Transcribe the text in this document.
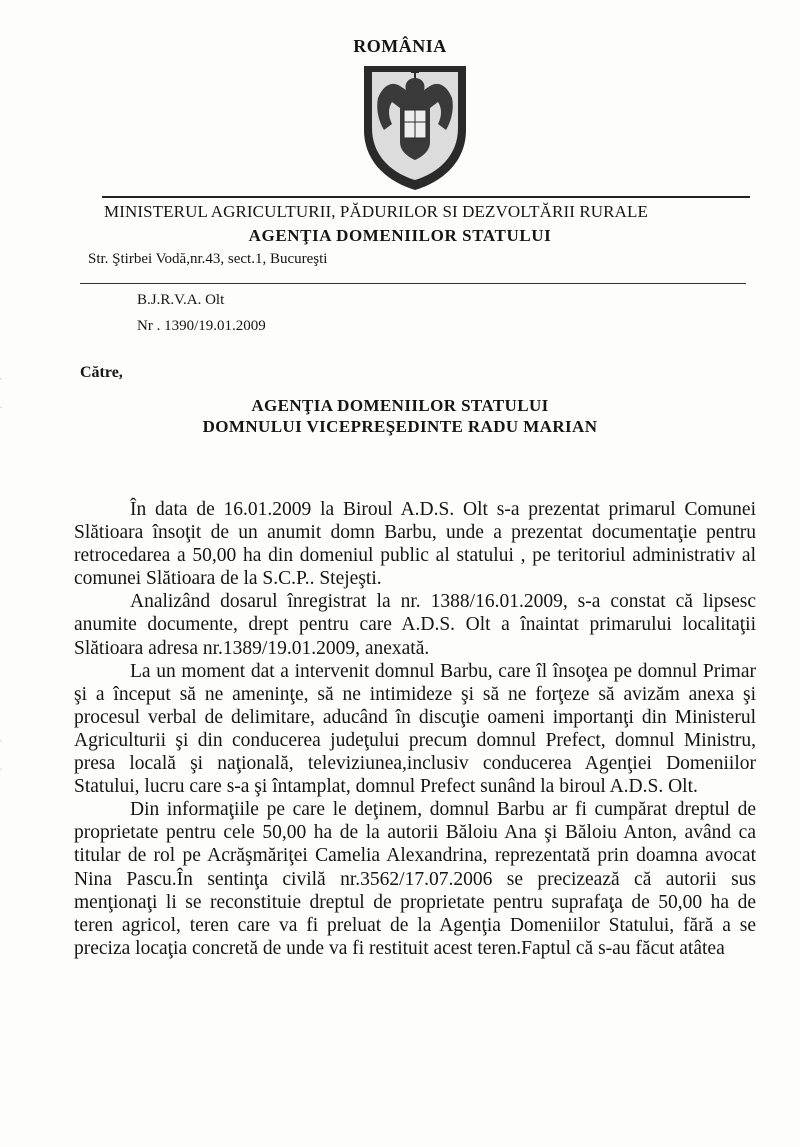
ROMÂNIA
MINISTERUL AGRICULTURII, PĂDURILOR SI DEZVOLTĂRII RURALE
AGENŢIA DOMENIILOR STATULUI
Str. Ştirbei Vodă,nr.43, sect.1, Bucureşti
B.J.R.V.A. Olt
Nr . 1390/19.01.2009
Către,
AGENŢIA DOMENIILOR STATULUI
DOMNULUI VICEPREŞEDINTE RADU MARIAN

În data de 16.01.2009 la Biroul A.D.S. Olt s-a prezentat primarul Comunei Slătioara însoţit de un anumit domn Barbu, unde a prezentat documentaţie pentru retrocedarea a 50,00 ha din domeniul public al statului , pe teritoriul administrativ al comunei Slătioara de la S.C.P.. Stejeşti.

Analizând dosarul înregistrat la nr. 1388/16.01.2009, s-a constat că lipsesc anumite documente, drept pentru care A.D.S. Olt a înaintat primarului localitaţii Slătioara adresa nr.1389/19.01.2009, anexată.

La un moment dat a intervenit domnul Barbu, care îl însoţea pe domnul Primar şi a început să ne ameninţe, să ne intimideze şi să ne forţeze să avizăm anexa şi procesul verbal de delimitare, aducând în discuţie oameni importanţi din Ministerul Agriculturii şi din conducerea judeţului precum domnul Prefect, domnul Ministru, presa locală şi naţională, televiziunea,inclusiv conducerea Agenţiei Domeniilor Statului, lucru care s-a şi întamplat, domnul Prefect sunând la biroul A.D.S. Olt.

Din informaţiile pe care le deţinem, domnul Barbu ar fi cumpărat dreptul de proprietate pentru cele 50,00 ha de la autorii Băloiu Ana şi Băloiu Anton, având ca titular de rol pe Acrăşmăriţei Camelia Alexandrina, reprezentată prin doamna avocat Nina Pascu.În sentinţa civilă nr.3562/17.07.2006 se precizează că autorii sus menţionaţi li se reconstituie dreptul de proprietate pentru suprafaţa de 50,00 ha de teren agricol, teren care va fi preluat de la Agenţia Domeniilor Statului, fără a se preciza locaţia concretă de unde va fi restituit acest teren.Faptul că s-au făcut atâtea
